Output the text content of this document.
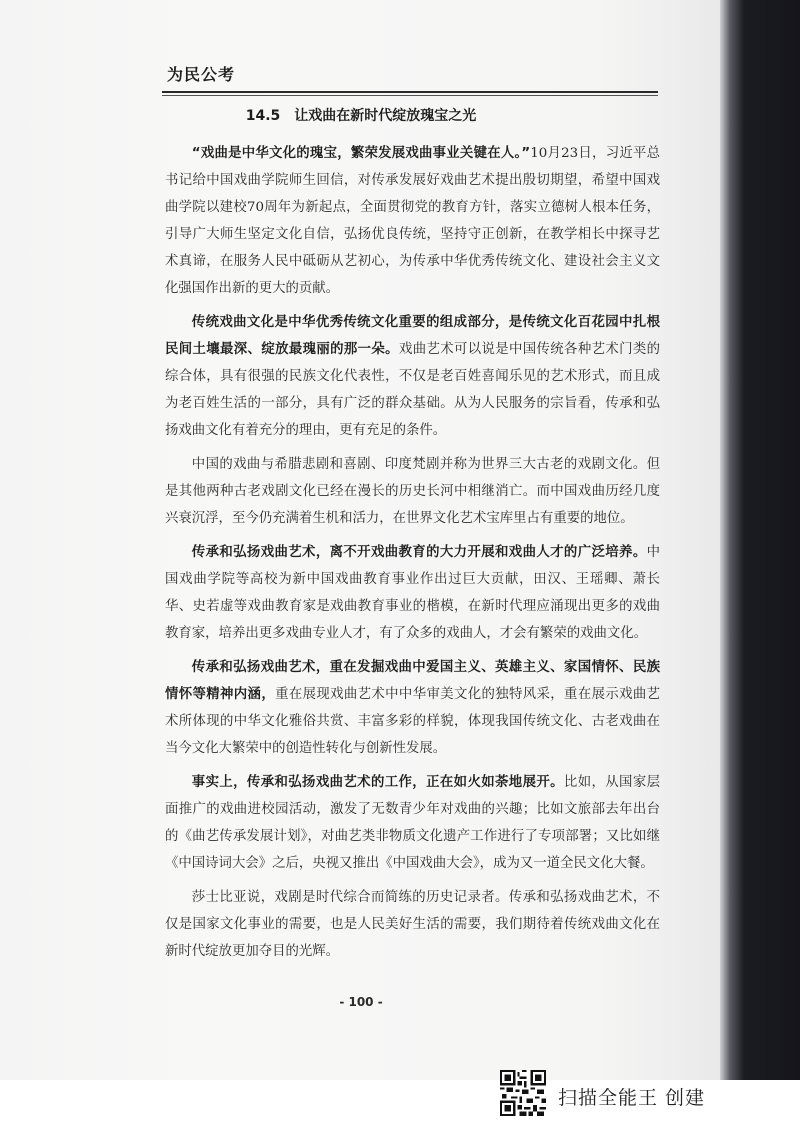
为民公考
14.5　让戏曲在新时代绽放瑰宝之光

“戏曲是中华文化的瑰宝，繁荣发展戏曲事业关键在人。”10月23日，习近平总书记给中国戏曲学院师生回信，对传承发展好戏曲艺术提出殷切期望，希望中国戏曲学院以建校70周年为新起点，全面贯彻党的教育方针，落实立德树人根本任务，引导广大师生坚定文化自信，弘扬优良传统，坚持守正创新，在教学相长中探寻艺术真谛，在服务人民中砥砺从艺初心，为传承中华优秀传统文化、建设社会主义文化强国作出新的更大的贡献。

传统戏曲文化是中华优秀传统文化重要的组成部分，是传统文化百花园中扎根民间土壤最深、绽放最瑰丽的那一朵。戏曲艺术可以说是中国传统各种艺术门类的综合体，具有很强的民族文化代表性，不仅是老百姓喜闻乐见的艺术形式，而且成为老百姓生活的一部分，具有广泛的群众基础。从为人民服务的宗旨看，传承和弘扬戏曲文化有着充分的理由，更有充足的条件。

中国的戏曲与希腊悲剧和喜剧、印度梵剧并称为世界三大古老的戏剧文化。但是其他两种古老戏剧文化已经在漫长的历史长河中相继消亡。而中国戏曲历经几度兴衰沉浮，至今仍充满着生机和活力，在世界文化艺术宝库里占有重要的地位。

传承和弘扬戏曲艺术，离不开戏曲教育的大力开展和戏曲人才的广泛培养。中国戏曲学院等高校为新中国戏曲教育事业作出过巨大贡献，田汉、王瑶卿、萧长华、史若虚等戏曲教育家是戏曲教育事业的楷模，在新时代理应涌现出更多的戏曲教育家，培养出更多戏曲专业人才，有了众多的戏曲人，才会有繁荣的戏曲文化。

传承和弘扬戏曲艺术，重在发掘戏曲中爱国主义、英雄主义、家国情怀、民族情怀等精神内涵，重在展现戏曲艺术中中华审美文化的独特风采，重在展示戏曲艺术所体现的中华文化雅俗共赏、丰富多彩的样貌，体现我国传统文化、古老戏曲在当今文化大繁荣中的创造性转化与创新性发展。

事实上，传承和弘扬戏曲艺术的工作，正在如火如荼地展开。比如，从国家层面推广的戏曲进校园活动，激发了无数青少年对戏曲的兴趣；比如文旅部去年出台的《曲艺传承发展计划》，对曲艺类非物质文化遗产工作进行了专项部署；又比如继《中国诗词大会》之后，央视又推出《中国戏曲大会》，成为又一道全民文化大餐。

莎士比亚说，戏剧是时代综合而简练的历史记录者。传承和弘扬戏曲艺术，不仅是国家文化事业的需要，也是人民美好生活的需要，我们期待着传统戏曲文化在新时代绽放更加夺目的光辉。

- 100 -
扫描全能王 创建
